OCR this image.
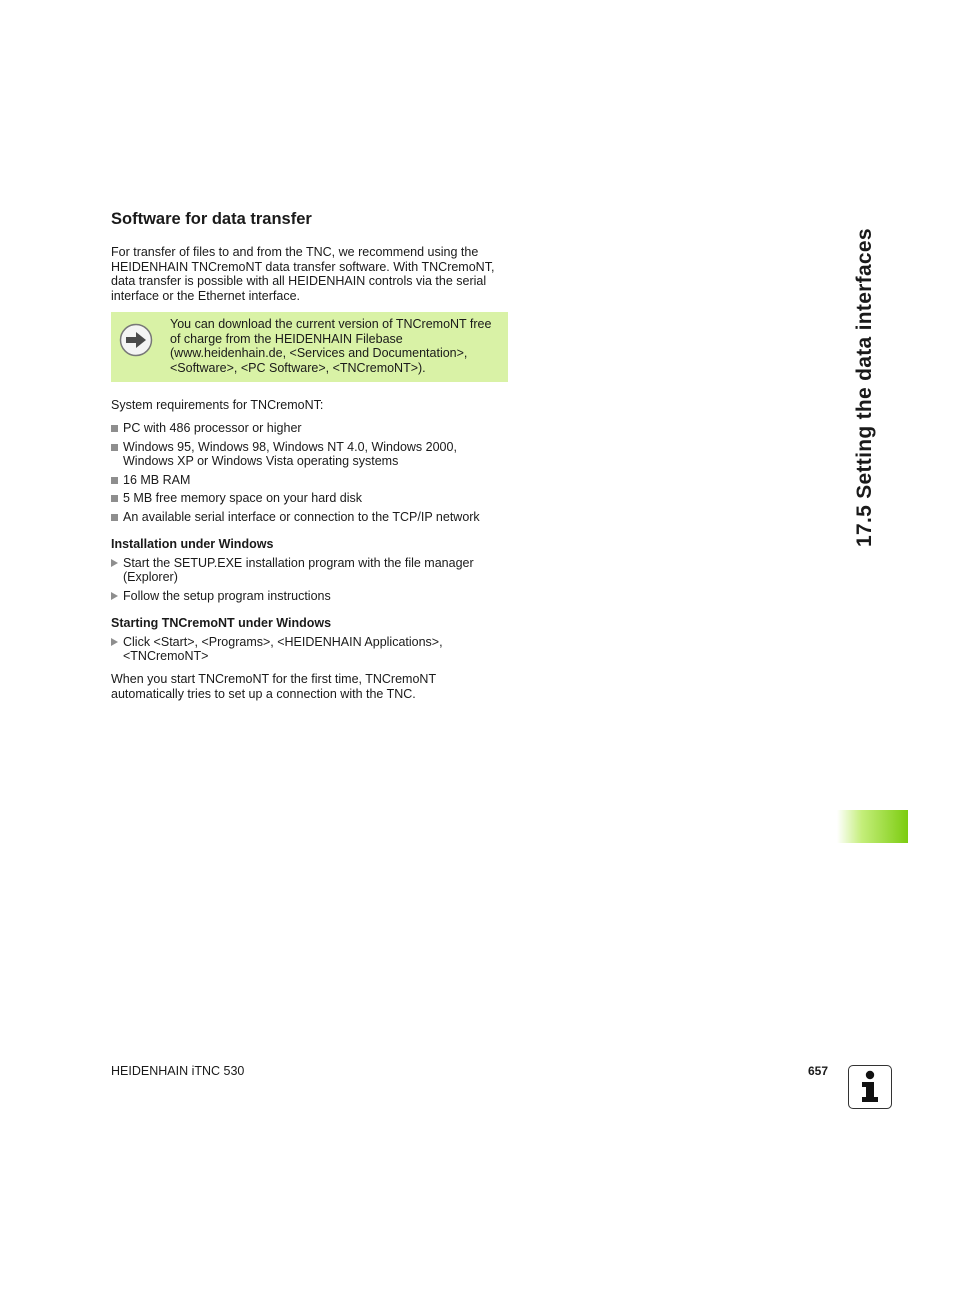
Software for data transfer

For transfer of files to and from the TNC, we recommend using the HEIDENHAIN TNCremoNT data transfer software. With TNCremoNT, data transfer is possible with all HEIDENHAIN controls via the serial interface or the Ethernet interface.

You can download the current version of TNCremoNT free
of charge from the HEIDENHAIN Filebase
(www.heidenhain.de, <Services and Documentation>,
<Software>, <PC Software>, <TNCremoNT>).

System requirements for TNCremoNT:

PC with 486 processor or higher
Windows 95, Windows 98, Windows NT 4.0, Windows 2000, Windows XP or Windows Vista operating systems
16 MB RAM
5 MB free memory space on your hard disk
An available serial interface or connection to the TCP/IP network
Installation under Windows
Start the SETUP.EXE installation program with the file manager (Explorer)
Follow the setup program instructions
Starting TNCremoNT under Windows
Click <Start>, <Programs>, <HEIDENHAIN Applications>, <TNCremoNT>

When you start TNCremoNT for the first time, TNCremoNT automatically tries to set up a connection with the TNC.

17.5 Setting the data interfaces
HEIDENHAIN iTNC 530	657
